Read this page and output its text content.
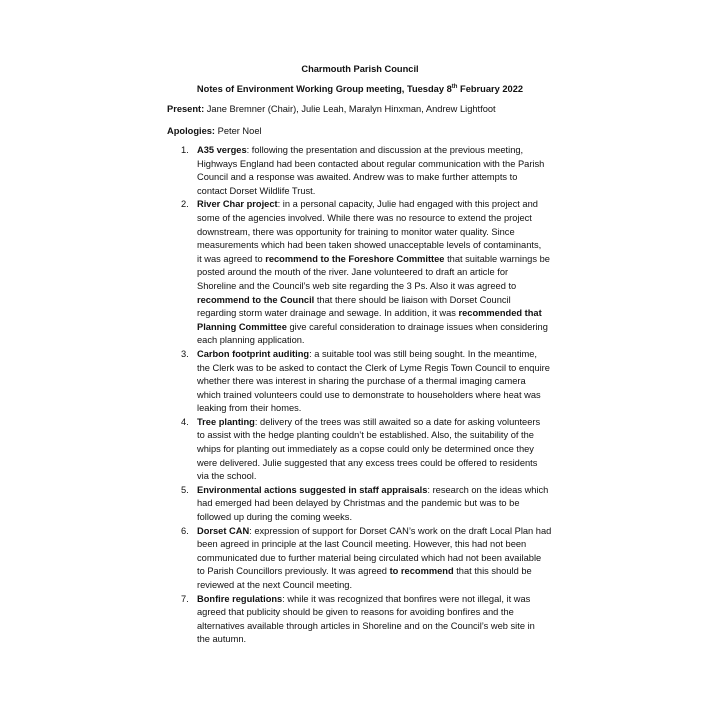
Charmouth Parish Council
Notes of Environment Working Group meeting, Tuesday 8th February 2022
Present: Jane Bremner (Chair), Julie Leah, Maralyn Hinxman, Andrew Lightfoot
Apologies: Peter Noel
1. A35 verges: following the presentation and discussion at the previous meeting,
Highways England had been contacted about regular communication with the Parish
Council and a response was awaited. Andrew was to make further attempts to
contact Dorset Wildlife Trust.
2. River Char project: in a personal capacity, Julie had engaged with this project and
some of the agencies involved. While there was no resource to extend the project
downstream, there was opportunity for training to monitor water quality. Since
measurements which had been taken showed unacceptable levels of contaminants,
it was agreed to recommend to the Foreshore Committee that suitable warnings be
posted around the mouth of the river. Jane volunteered to draft an article for
Shoreline and the Council’s web site regarding the 3 Ps. Also it was agreed to
recommend to the Council that there should be liaison with Dorset Council
regarding storm water drainage and sewage. In addition, it was recommended that
Planning Committee give careful consideration to drainage issues when considering
each planning application.
3. Carbon footprint auditing: a suitable tool was still being sought. In the meantime,
the Clerk was to be asked to contact the Clerk of Lyme Regis Town Council to enquire
whether there was interest in sharing the purchase of a thermal imaging camera
which trained volunteers could use to demonstrate to householders where heat was
leaking from their homes.
4. Tree planting: delivery of the trees was still awaited so a date for asking volunteers
to assist with the hedge planting couldn’t be established. Also, the suitability of the
whips for planting out immediately as a copse could only be determined once they
were delivered. Julie suggested that any excess trees could be offered to residents
via the school.
5. Environmental actions suggested in staff appraisals: research on the ideas which
had emerged had been delayed by Christmas and the pandemic but was to be
followed up during the coming weeks.
6. Dorset CAN: expression of support for Dorset CAN’s work on the draft Local Plan had
been agreed in principle at the last Council meeting. However, this had not been
communicated due to further material being circulated which had not been available
to Parish Councillors previously. It was agreed to recommend that this should be
reviewed at the next Council meeting.
7. Bonfire regulations: while it was recognized that bonfires were not illegal, it was
agreed that publicity should be given to reasons for avoiding bonfires and the
alternatives available through articles in Shoreline and on the Council’s web site in
the autumn.
